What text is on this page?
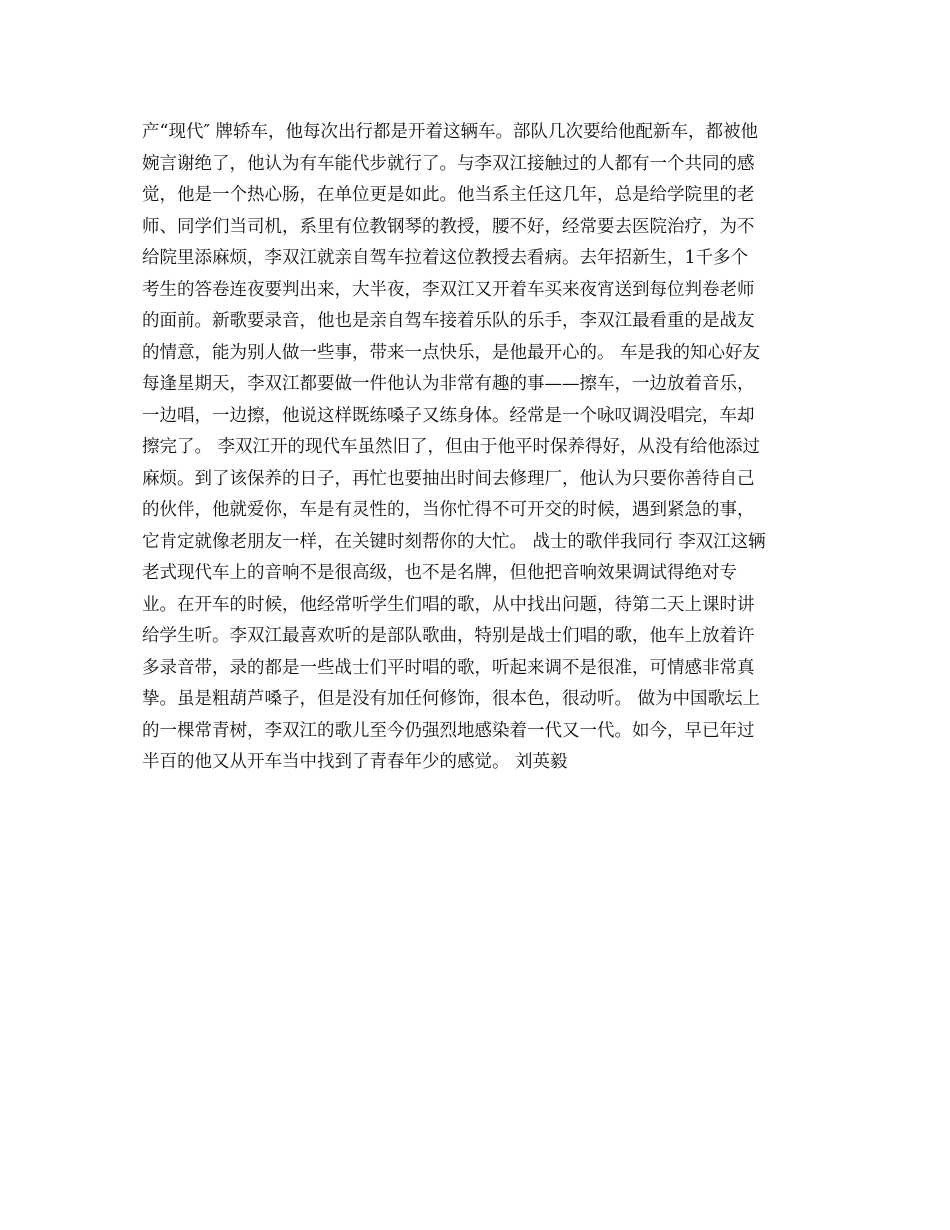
产“现代″ 牌轿车，他每次出行都是开着这辆车。部队几次要给他配新车，都被他
婉言谢绝了，他认为有车能代步就行了。与李双江接触过的人都有一个共同的感
觉，他是一个热心肠，在单位更是如此。他当系主任这几年，总是给学院里的老
师、同学们当司机，系里有位教钢琴的教授，腰不好，经常要去医院治疗，为不
给院里添麻烦，李双江就亲自驾车拉着这位教授去看病。去年招新生，1千多个
考生的答卷连夜要判出来，大半夜，李双江又开着车买来夜宵送到每位判卷老师
的面前。新歌要录音，他也是亲自驾车接着乐队的乐手，李双江最看重的是战友
的情意，能为别人做一些事，带来一点快乐，是他最开心的。 车是我的知心好友
每逢星期天，李双江都要做一件他认为非常有趣的事——擦车，一边放着音乐，
一边唱，一边擦，他说这样既练嗓子又练身体。经常是一个咏叹调没唱完，车却
擦完了。 李双江开的现代车虽然旧了，但由于他平时保养得好，从没有给他添过
麻烦。到了该保养的日子，再忙也要抽出时间去修理厂，他认为只要你善待自己
的伙伴，他就爱你，车是有灵性的，当你忙得不可开交的时候，遇到紧急的事，
它肯定就像老朋友一样，在关键时刻帮你的大忙。 战士的歌伴我同行 李双江这辆
老式现代车上的音响不是很高级，也不是名牌，但他把音响效果调试得绝对专
业。在开车的时候，他经常听学生们唱的歌，从中找出问题，待第二天上课时讲
给学生听。李双江最喜欢听的是部队歌曲，特别是战士们唱的歌，他车上放着许
多录音带，录的都是一些战士们平时唱的歌，听起来调不是很准，可情感非常真
挚。虽是粗葫芦嗓子，但是没有加任何修饰，很本色，很动听。 做为中国歌坛上
的一棵常青树，李双江的歌儿至今仍强烈地感染着一代又一代。如今，早已年过
半百的他又从开车当中找到了青春年少的感觉。 刘英毅
